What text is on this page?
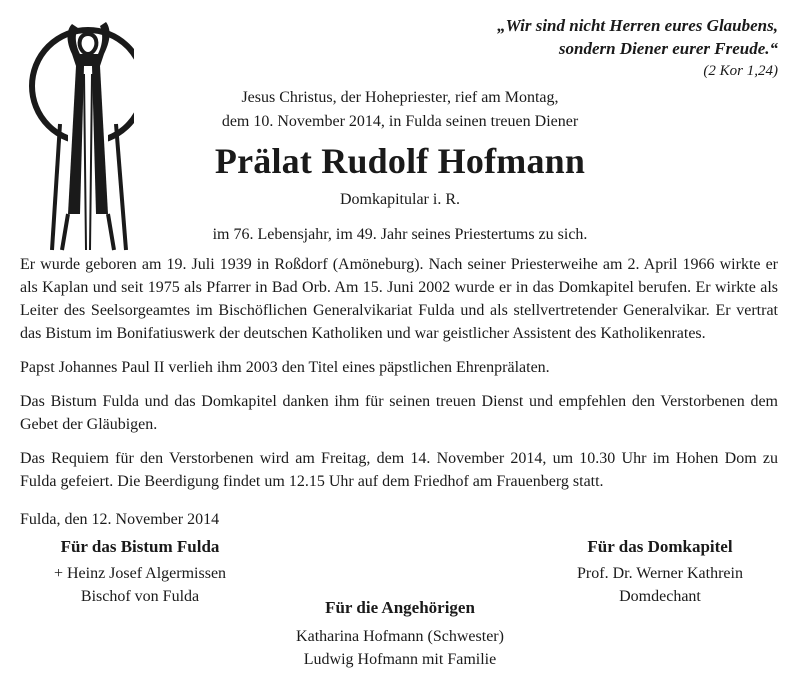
„Wir sind nicht Herren eures Glaubens,
sondern Diener eurer Freude.“
(2 Kor 1,24)
Jesus Christus, der Hohepriester, rief am Montag,
dem 10. November 2014, in Fulda seinen treuen Diener
Prälat Rudolf Hofmann
Domkapitular i. R.
im 76. Lebensjahr, im 49. Jahr seines Priestertums zu sich.

Er wurde geboren am 19. Juli 1939 in Roßdorf (Amöneburg). Nach seiner Priesterweihe am 2. April 1966 wirkte er als Kaplan und seit 1975 als Pfarrer in Bad Orb. Am 15. Juni 2002 wurde er in das Domkapitel berufen. Er wirkte als Leiter des Seelsorgeamtes im Bischöflichen Generalvikariat Fulda und als stellvertretender Generalvikar. Er vertrat das Bistum im Bonifatiuswerk der deutschen Katholiken und war geistlicher Assistent des Katholikenrates.

Papst Johannes Paul II verlieh ihm 2003 den Titel eines päpstlichen Ehrenprälaten.

Das Bistum Fulda und das Domkapitel danken ihm für seinen treuen Dienst und empfehlen den Verstorbenen dem Gebet der Gläubigen.

Das Requiem für den Verstorbenen wird am Freitag, dem 14. November 2014, um 10.30 Uhr im Hohen Dom zu Fulda gefeiert. Die Beerdigung findet um 12.15 Uhr auf dem Friedhof am Frauenberg statt.

Fulda, den 12. November 2014
Für das Bistum Fulda
+ Heinz Josef Algermissen
Bischof von Fulda
Für das Domkapitel
Prof. Dr. Werner Kathrein
Domdechant
Für die Angehörigen
Katharina Hofmann (Schwester)
Ludwig Hofmann mit Familie
